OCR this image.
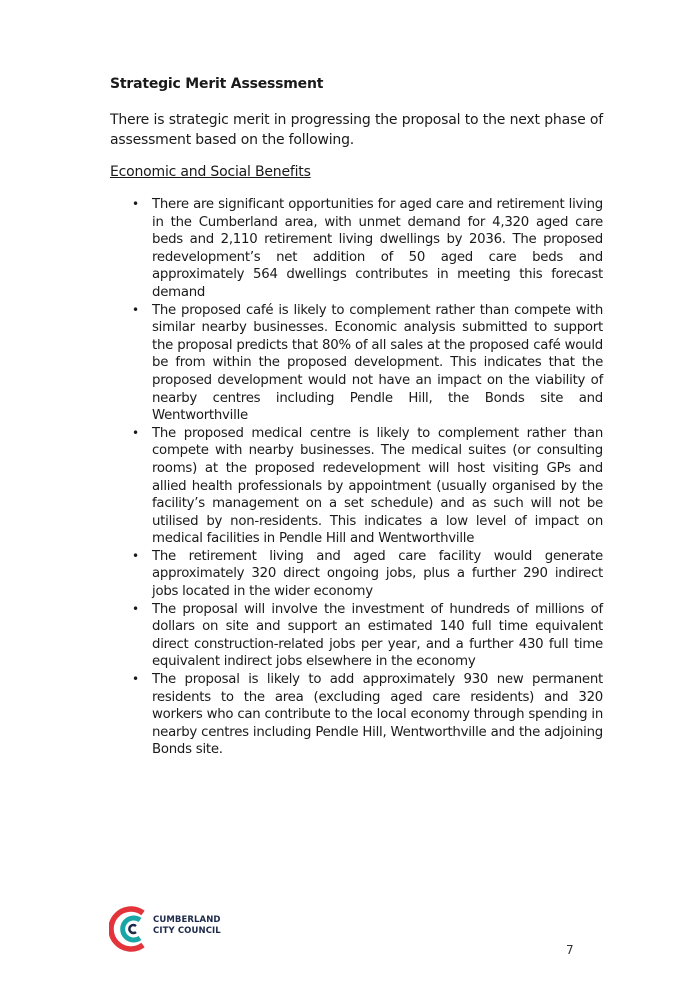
Strategic Merit Assessment
There is strategic merit in progressing the proposal to the next phase of assessment based on the following.
Economic and Social Benefits
• There are significant opportunities for aged care and retirement living in the Cumberland area, with unmet demand for 4,320 aged care beds and 2,110 retirement living dwellings by 2036. The proposed redevelopment’s net addition of 50 aged care beds and approximately 564 dwellings contributes in meeting this forecast demand
• The proposed café is likely to complement rather than compete with similar nearby businesses. Economic analysis submitted to support the proposal predicts that 80% of all sales at the proposed café would be from within the proposed development. This indicates that the proposed development would not have an impact on the viability of nearby centres including Pendle Hill, the Bonds site and Wentworthville
• The proposed medical centre is likely to complement rather than compete with nearby businesses. The medical suites (or consulting rooms) at the proposed redevelopment will host visiting GPs and allied health professionals by appointment (usually organised by the facility’s management on a set schedule) and as such will not be utilised by non-residents. This indicates a low level of impact on medical facilities in Pendle Hill and Wentworthville
• The retirement living and aged care facility would generate approximately 320 direct ongoing jobs, plus a further 290 indirect jobs located in the wider economy
• The proposal will involve the investment of hundreds of millions of dollars on site and support an estimated 140 full time equivalent direct construction-related jobs per year, and a further 430 full time equivalent indirect jobs elsewhere in the economy
• The proposal is likely to add approximately 930 new permanent residents to the area (excluding aged care residents) and 320 workers who can contribute to the local economy through spending in nearby centres including Pendle Hill, Wentworthville and the adjoining Bonds site.
CUMBERLAND
CITY COUNCIL
7
